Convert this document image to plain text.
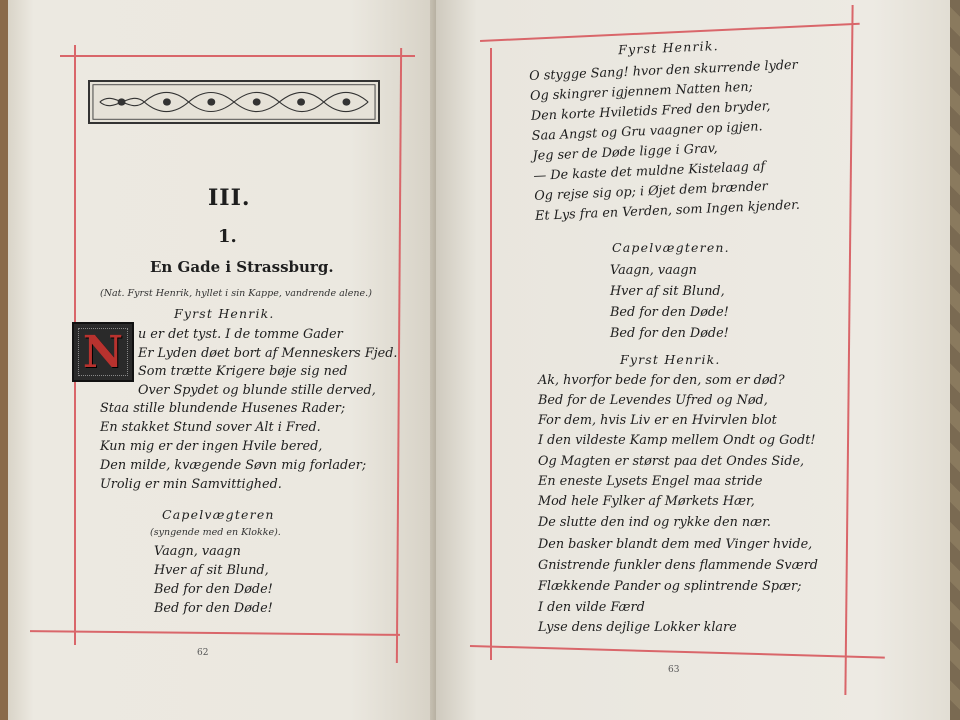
III.
1.
En Gade i Strassburg.
(Nat. Fyrst Henrik, hyllet i sin Kappe, vandrende alene.)
Fyrst Henrik.
N u er det tyst. I de tomme Gader
Er Lyden døet bort af Menneskers Fjed.
Som trætte Krigere bøje sig ned
Over Spydet og blunde stille derved,
Staa stille blundende Husenes Rader;
En stakket Stund sover Alt i Fred.
Kun mig er der ingen Hvile bered,
Den milde, kvægende Søvn mig forlader;
Urolig er min Samvittighed.
Capelvægteren
(syngende med en Klokke).
Vaagn, vaagn
Hver af sit Blund,
Bed for den Døde!
Bed for den Døde!
62
Fyrst Henrik.
O styggе Sang! hvor den skurrende lyder
Og skingrer igjennem Natten hen;
Den korte Hviletids Fred den bryder,
Saa Angst og Gru vaagner op igjen.
Jeg ser de Døde ligge i Grav,
— De kaste det muldne Kistelaag af
Og rejse sig op; i Øjet dem brænder
Et Lys fra en Verden, som Ingen kjender.
Capelvægteren.
Vaagn, vaagn
Hver af sit Blund,
Bed for den Døde!
Bed for den Døde!
Fyrst Henrik.
Ak, hvorfor bede for den, som er død?
Bed for de Levendes Ufred og Nød,
For dem, hvis Liv er en Hvirvlen blot
I den vildeste Kamp mellem Ondt og Godt!
Og Magten er størst paa det Ondes Side,
En eneste Lysets Engel maa stride
Mod hele Fylker af Mørkets Hær,
De slutte den ind og rykke den nær.
Den basker blandt dem med Vinger hvide,
Gnistrende funkler dens flammende Sværd
Flækkende Pander og splintrende Spær;
I den vilde Færd
Lyse dens dejlige Lokker klare
63
